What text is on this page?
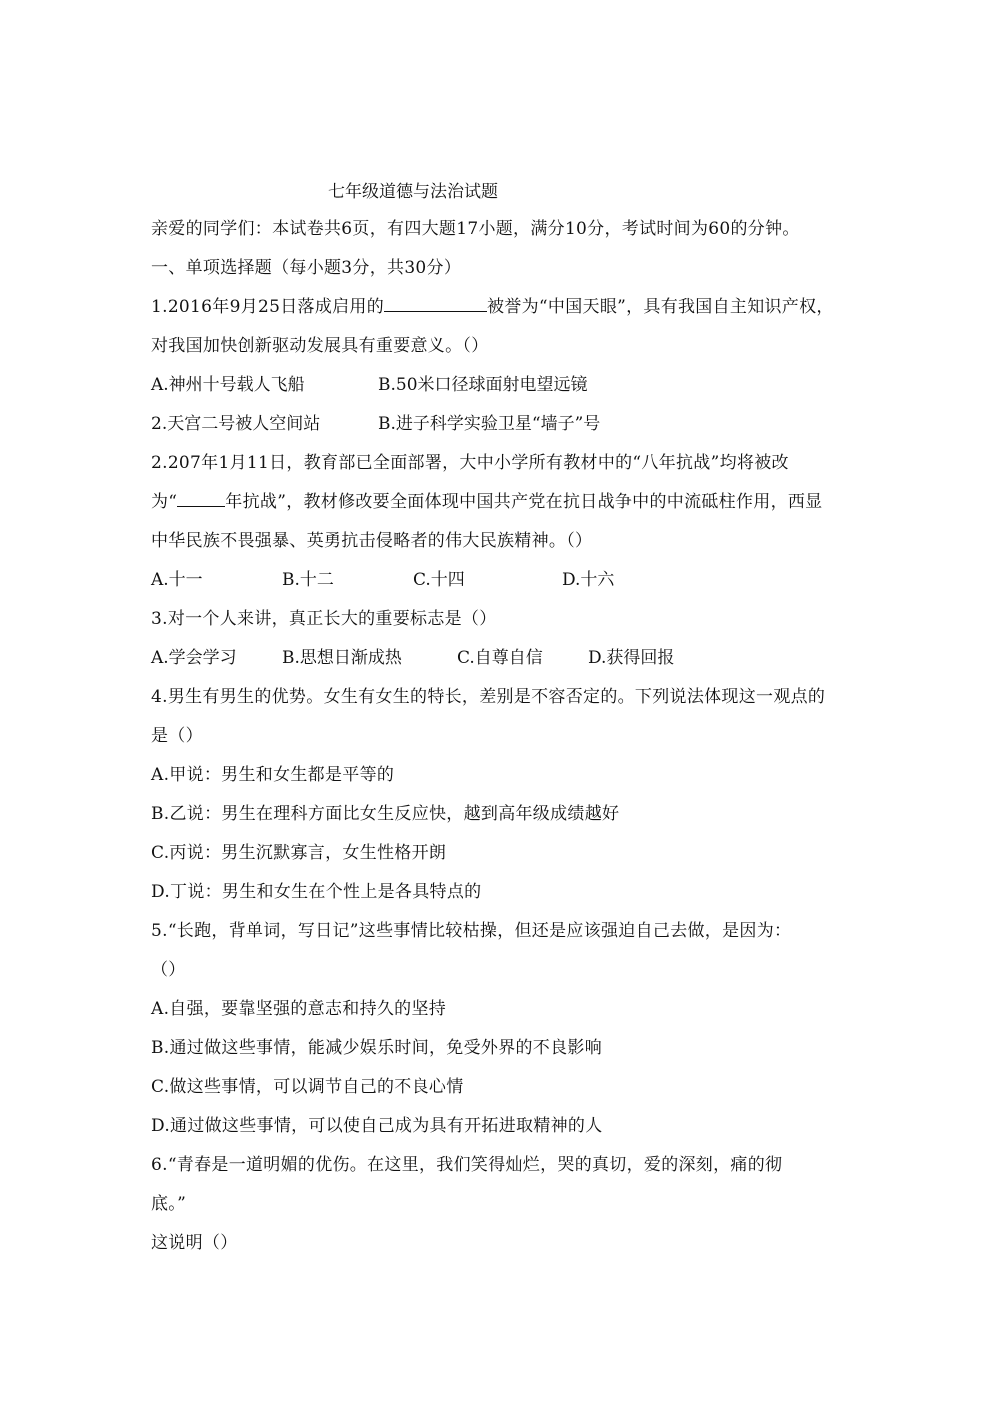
七年级道德与法治试题
亲爱的同学们：本试卷共6页，有四大题17小题，满分10分，考试时间为60的分钟。
一、单项选择题（每小题3分，共30分）
1.2016年9月25日落成启用的	被誉为“中国天眼”，具有我国自主知识产权，
对我国加快创新驱动发展具有重要意义。（）
A.神州十号载人飞船	B.50米口径球面射电望远镜
2.天宫二号被人空间站	B.进子科学实验卫星“墙子”号
2.207年1月11日，教育部已全面部署，大中小学所有教材中的“八年抗战”均将被改
为“	年抗战”，教材修改要全面体现中国共产党在抗日战争中的中流砥柱作用，西显
中华民族不畏强暴、英勇抗击侵略者的伟大民族精神。（）
A.十一	B.十二	C.十四	D.十六
3.对一个人来讲，真正长大的重要标志是（）
A.学会学习	B.思想日渐成热	C.自尊自信	D.获得回报
4.男生有男生的优势。女生有女生的特长，差别是不容否定的。下列说法体现这一观点的
是（）
A.甲说：男生和女生都是平等的
B.乙说：男生在理科方面比女生反应快，越到高年级成绩越好
C.丙说：男生沉默寡言，女生性格开朗
D.丁说：男生和女生在个性上是各具特点的
5.“长跑，背单词，写日记”这些事情比较枯操，但还是应该强迫自己去做，是因为：
（）
A.自强，要靠坚强的意志和持久的坚持
B.通过做这些事情，能减少娱乐时间，免受外界的不良影响
C.做这些事情，可以调节自己的不良心情
D.通过做这些事情，可以使自己成为具有开拓进取精神的人
6.“青春是一道明媚的优伤。在这里，我们笑得灿烂，哭的真切，爱的深刻，痛的彻
底。”
这说明（）
